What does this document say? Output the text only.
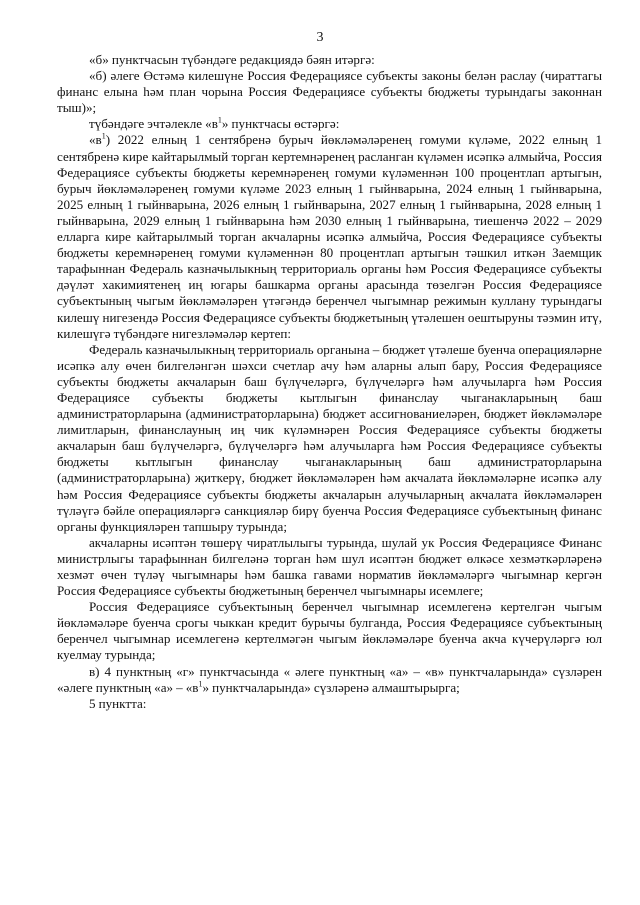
3

«б» пунктчасын түбәндәге редакциядә бәян итәргә:

«б) әлеге Өстәмә килешүне Россия Федерациясе субъекты законы белән раслау (чираттагы финанс елына һәм план чорына Россия Федерациясе субъекты бюджеты турындагы законнан тыш)»;

түбәндәге эчтәлекле «$в^1$» пунктчасы өстәргә:

«$в^1$) 2022 елның 1 сентябренә бурыч йөкләмәләренең гомуми күләме, 2022 елның 1 сентябренә кире кайтарылмый торган кертемнәренең расланган күләмен исәпкә алмыйча, Россия Федерациясе субъекты бюджеты керемнәренең гомуми күләменнән 100 процентлап артыгын, бурыч йөкләмәләренең гомуми күләме 2023 елның 1 гыйнварына, 2024 елның 1 гыйнварына, 2025 елның 1 гыйнварына, 2026 елның 1 гыйнварына, 2027 елның 1 гыйнварына, 2028 елның 1 гыйнварына, 2029 елның 1 гыйнварына һәм 2030 елның 1 гыйнварына, тиешенчә 2022 – 2029 елларга кире кайтарылмый торган акчаларны исәпкә алмыйча, Россия Федерациясе субъекты бюджеты керемнәренең гомуми күләменнән 80 процентлап артыгын тәшкил иткән Заемщик тарафыннан Федераль казначылыкның территориаль органы һәм Россия Федерациясе субъекты дәүләт хакимиятенең иң югары башкарма органы арасында төзелгән Россия Федерациясе субъектының чыгым йөкләмәләрен үтәгәндә беренчел чыгымнар режимын куллану турындагы килешү нигезендә Россия Федерациясе субъекты бюджетының үтәлешен оештыруны тәэмин итү, килешүгә түбәндәге нигезләмәләр кертеп:

Федераль казначылыкның территориаль органына – бюджет үтәлеше буенча операцияләрне исәпкә алу өчен билгеләнгән шәхси счетлар ачу һәм аларны алып бару, Россия Федерациясе субъекты бюджеты акчаларын баш бүлүчеләргә, бүлүчеләргә һәм алучыларга һәм Россия Федерациясе субъекты бюджеты кытлыгын финанслау чыганакларының баш администраторларына (администраторларына) бюджет ассигнованиеләрен, бюджет йөкләмәләре лимитларын, финанслауның иң чик күләмнәрен Россия Федерациясе субъекты бюджеты акчаларын баш бүлүчеләргә, бүлүчеләргә һәм алучыларга һәм Россия Федерациясе субъекты бюджеты кытлыгын финанслау чыганакларының баш администраторларына (администраторларына) җиткерү, бюджет йөкләмәләрен һәм акчалата йөкләмәләрне исәпкә алу һәм Россия Федерациясе субъекты бюджеты акчаларын алучыларның акчалата йөкләмәләрен түләүгә бәйле операцияләргә санкцияләр бирү буенча Россия Федерациясе субъектының финанс органы функцияләрен тапшыру турында;

акчаларны исәптән төшерү чиратлылыгы турында, шулай ук Россия Федерациясе Финанс министрлыгы тарафыннан билгеләнә торган һәм шул исәптән бюджет өлкәсе хезмәткәрләренә хезмәт өчен түләү чыгымнары һәм башка гавами норматив йөкләмәләргә чыгымнар кергән Россия Федерациясе субъекты бюджетының беренчел чыгымнары исемлеге;

Россия Федерациясе субъектының беренчел чыгымнар исемлегенә кертелгән чыгым йөкләмәләре буенча срогы чыккан кредит бурычы булганда, Россия Федерациясе субъектының беренчел чыгымнар исемлегенә кертелмәгән чыгым йөкләмәләре буенча акча күчерүләргә юл куелмау турында;

в) 4 пунктның «г» пунктчасында « әлеге пунктның «а» – «в» пунктчаларында» сүзләрен «әлеге пунктның «а» – «$в^1$» пунктчаларында» сүзләренә алмаштырырга;

5 пунктта:
